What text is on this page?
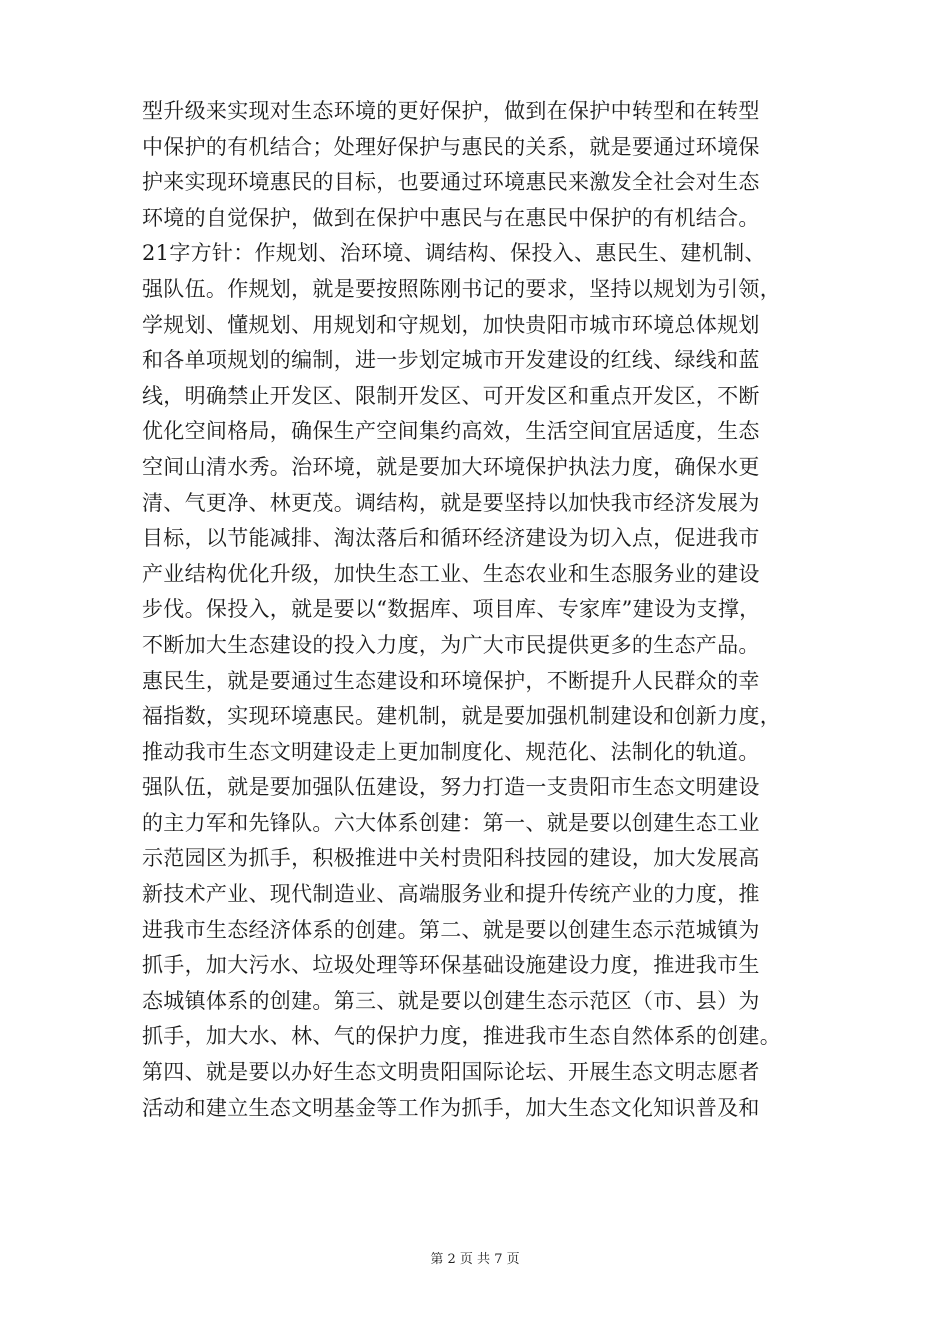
型升级来实现对生态环境的更好保护，做到在保护中转型和在转型
中保护的有机结合；处理好保护与惠民的关系，就是要通过环境保
护来实现环境惠民的目标，也要通过环境惠民来激发全社会对生态
环境的自觉保护，做到在保护中惠民与在惠民中保护的有机结合。
21字方针：作规划、治环境、调结构、保投入、惠民生、建机制、
强队伍。作规划，就是要按照陈刚书记的要求，坚持以规划为引领，
学规划、懂规划、用规划和守规划，加快贵阳市城市环境总体规划
和各单项规划的编制，进一步划定城市开发建设的红线、绿线和蓝
线，明确禁止开发区、限制开发区、可开发区和重点开发区，不断
优化空间格局，确保生产空间集约高效，生活空间宜居适度，生态
空间山清水秀。治环境，就是要加大环境保护执法力度，确保水更
清、气更净、林更茂。调结构，就是要坚持以加快我市经济发展为
目标，以节能减排、淘汰落后和循环经济建设为切入点，促进我市
产业结构优化升级，加快生态工业、生态农业和生态服务业的建设
步伐。保投入，就是要以“数据库、项目库、专家库”建设为支撑，
不断加大生态建设的投入力度，为广大市民提供更多的生态产品。
惠民生，就是要通过生态建设和环境保护，不断提升人民群众的幸
福指数，实现环境惠民。建机制，就是要加强机制建设和创新力度，
推动我市生态文明建设走上更加制度化、规范化、法制化的轨道。
强队伍，就是要加强队伍建设，努力打造一支贵阳市生态文明建设
的主力军和先锋队。六大体系创建：第一、就是要以创建生态工业
示范园区为抓手，积极推进中关村贵阳科技园的建设，加大发展高
新技术产业、现代制造业、高端服务业和提升传统产业的力度，推
进我市生态经济体系的创建。第二、就是要以创建生态示范城镇为
抓手，加大污水、垃圾处理等环保基础设施建设力度，推进我市生
态城镇体系的创建。第三、就是要以创建生态示范区（市、县）为
抓手，加大水、林、气的保护力度，推进我市生态自然体系的创建。
第四、就是要以办好生态文明贵阳国际论坛、开展生态文明志愿者
活动和建立生态文明基金等工作为抓手，加大生态文化知识普及和
第 2 页 共 7 页
